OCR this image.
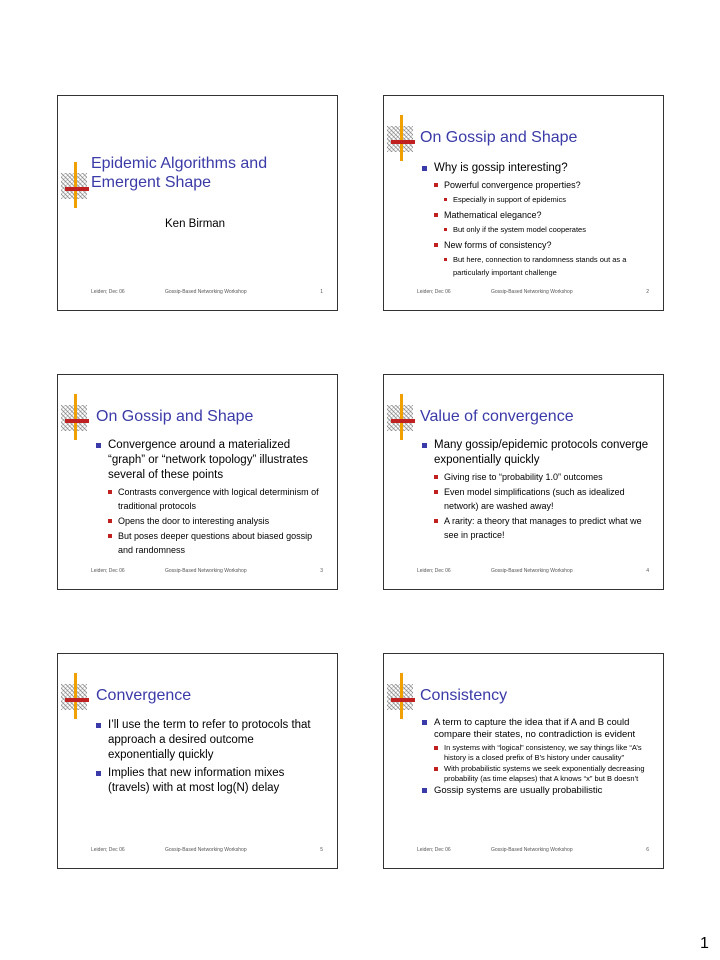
Epidemic Algorithms and
Emergent Shape
Ken Birman
Leiden; Dec 06	Gossip-Based Networking Workshop	1
On Gossip and Shape
Why is gossip interesting?
Powerful convergence properties?
Especially in support of epidemics
Mathematical elegance?
But only if the system model cooperates
New forms of consistency?
But here, connection to randomness stands out as a particularly important challenge
Leiden; Dec 06	Gossip-Based Networking Workshop	2
On Gossip and Shape
Convergence around a materialized “graph” or “network topology” illustrates several of these points
Contrasts convergence with logical determinism of traditional protocols
Opens the door to interesting analysis
But poses deeper questions about biased gossip and randomness
Leiden; Dec 06	Gossip-Based Networking Workshop	3
Value of convergence
Many gossip/epidemic protocols converge exponentially quickly
Giving rise to “probability 1.0” outcomes
Even model simplifications (such as idealized network) are washed away!
A rarity: a theory that manages to predict what we see in practice!
Leiden; Dec 06	Gossip-Based Networking Workshop	4
Convergence
I’ll use the term to refer to protocols that approach a desired outcome exponentially quickly
Implies that new information mixes (travels) with at most log(N) delay
Leiden; Dec 06	Gossip-Based Networking Workshop	5
Consistency
A term to capture the idea that if A and B could compare their states, no contradiction is evident
In systems with “logical” consistency, we say things like “A’s history is a closed prefix of B’s history under causality”
With probabilistic systems we seek exponentially decreasing probability (as time elapses) that A knows “x” but B doesn’t
Gossip systems are usually probabilistic
Leiden; Dec 06	Gossip-Based Networking Workshop	6
1
